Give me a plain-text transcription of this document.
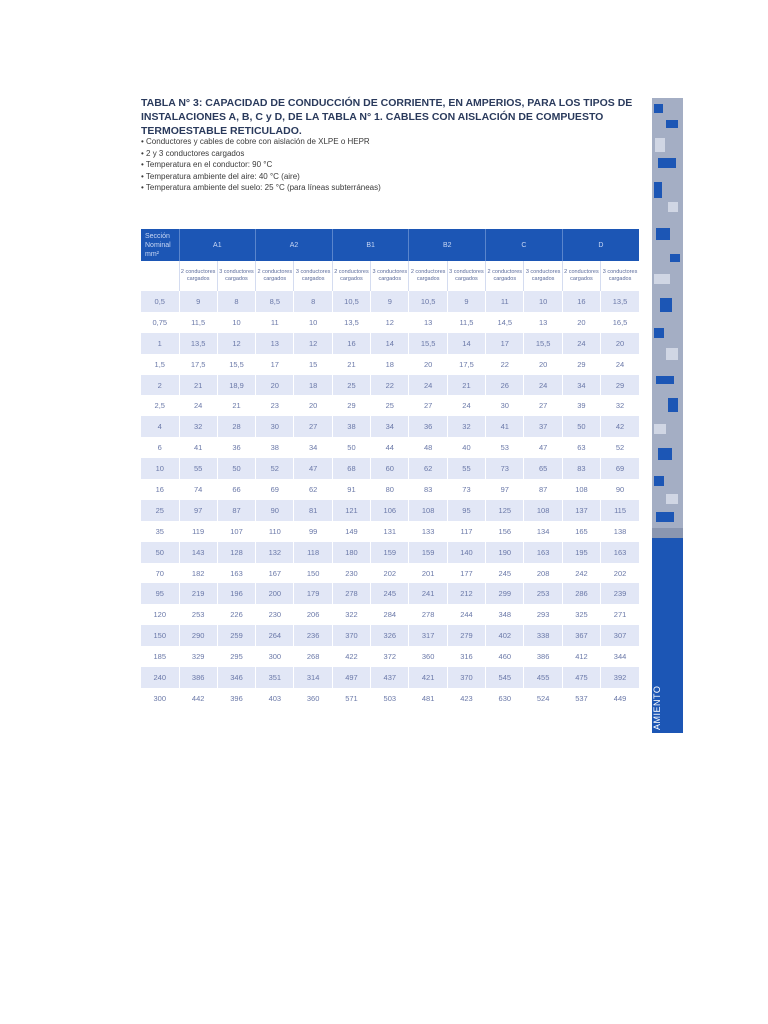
TABLA N° 3: CAPACIDAD DE CONDUCCIÓN DE CORRIENTE, EN AMPERIOS, PARA LOS TIPOS DE INSTALACIONES A, B, C y D, DE LA TABLA N° 1. CABLES CON AISLACIÓN DE COMPUESTO TERMOESTABLE RETICULADO.
• Conductores y cables de cobre con aislación de XLPE o HEPR
• 2 y 3 conductores cargados
• Temperatura en el conductor: 90 °C
• Temperatura ambiente del aire: 40 °C (aire)
• Temperatura ambiente del suelo: 25 °C (para líneas subterráneas)
Sección Nominal mm²	A1		A2		B1		B2		C		D	
	2 conductores cargados	3 conductores cargados	2 conductores cargados	3 conductores cargados	2 conductores cargados	3 conductores cargados	2 conductores cargados	3 conductores cargados	2 conductores cargados	3 conductores cargados	2 conductores cargados	3 conductores cargados
0,5	9	8	8,5	8	10,5	9	10,5	9	11	10	16	13,5
0,75	11,5	10	11	10	13,5	12	13	11,5	14,5	13	20	16,5
1	13,5	12	13	12	16	14	15,5	14	17	15,5	24	20
1,5	17,5	15,5	17	15	21	18	20	17,5	22	20	29	24
2	21	18,9	20	18	25	22	24	21	26	24	34	29
2,5	24	21	23	20	29	25	27	24	30	27	39	32
4	32	28	30	27	38	34	36	32	41	37	50	42
6	41	36	38	34	50	44	48	40	53	47	63	52
10	55	50	52	47	68	60	62	55	73	65	83	69
16	74	66	69	62	91	80	83	73	97	87	108	90
25	97	87	90	81	121	106	108	95	125	108	137	115
35	119	107	110	99	149	131	133	117	156	134	165	138
50	143	128	132	118	180	159	159	140	190	163	195	163
70	182	163	167	150	230	202	201	177	245	208	242	202
95	219	196	200	179	278	245	241	212	299	253	286	239
120	253	226	230	206	322	284	278	244	348	293	325	271
150	290	259	264	236	370	326	317	279	402	338	367	307
185	329	295	300	268	422	372	360	316	460	386	412	344
240	386	346	351	314	497	437	421	370	545	455	475	392
300	442	396	403	360	571	503	481	423	630	524	537	449	AMIENTO
